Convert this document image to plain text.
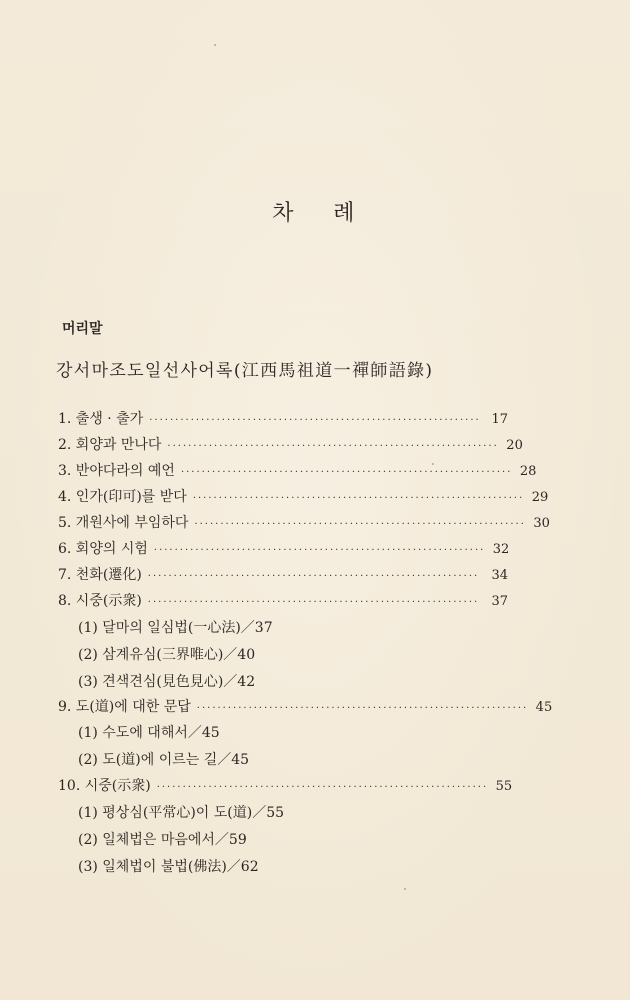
차 례
머리말
강서마조도일선사어록(江西馬祖道一禪師語錄)
1. 출생 · 출가 ································································ 17
2. 회양과 만나다 ································································ 20
3. 반야다라의 예언 ································································ 28
4. 인가(印可)를 받다 ································································ 29
5. 개원사에 부임하다 ································································ 30
6. 회양의 시험 ································································ 32
7. 천화(遷化) ································································ 34
8. 시중(示衆) ································································ 37
(1) 달마의 일심법(一心法)／37
(2) 삼계유심(三界唯心)／40
(3) 견색견심(見色見心)／42
9. 도(道)에 대한 문답 ································································ 45
(1) 수도에 대해서／45
(2) 도(道)에 이르는 길／45
10. 시중(示衆) ································································ 55
(1) 평상심(平常心)이 도(道)／55
(2) 일체법은 마음에서／59
(3) 일체법이 불법(佛法)／62
